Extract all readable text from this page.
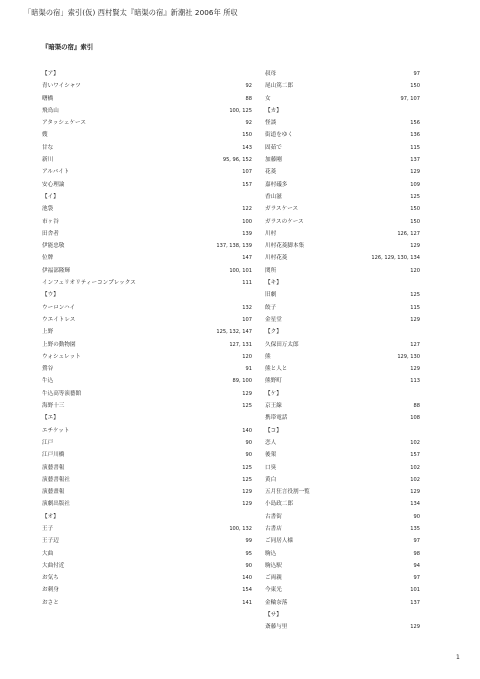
「暗渠の宿」索引(仮) 西村賢太『暗渠の宿』新潮社 2006年 所収
『暗渠の宿』索引
【ア】
青いワイシャツ	92
曙橋	88
飛鳥山	100, 125
アタッシェケース	92
嫂	150
甘な	143
新川	95, 96, 152
アルバイト	107
安心理論	157
【イ】
池袋	122
市ヶ谷	100
田舎者	139
伊能忠敬	137, 138, 139
位牌	147
伊福部隆輝	100, 101
インフェリオリティーコンプレックス	111
【ウ】
ウーロンハイ	132
ウエイトレス	107
上野	125, 132, 147
上野の動物園	127, 131
ウォシュレット	120
鶯谷	91
牛込	89, 100
牛込高等演藝館	129
海野十三	125
【エ】
エチケット	140
江戸	90
江戸川橋	90
演藝書報	125
演藝書報社	125
演藝畫報	129
演劇出版社	129
【オ】
王子	100, 132
王子辺	99
大曲	95
大曲付近	90
お気ち	140
お刺身	154
おさと	141
叔母	97
尾山篤二郎	150
女	97, 107
【カ】
怪談	156
街道をゆく	136
固茹で	115
加藤剛	137
花菱	129
嘉村礒多	109
香山滋	125
ガラスケース	150
ガラスのケース	150
川村	126, 127
川村花菱脚本集	129
川村花菱	126, 129, 130, 134
関所	120
【キ】
旧劇	125
餃子	115
金星堂	129
【ク】
久保田万太郎	127
熊	129, 130
熊と人と	129
熊野町	113
【ケ】
京王線	88
携帯電話	108
【コ】
恋人	102
後架	157
口臭	102
黄白	102
五月狂言役割一覧	129
小島政二郎	134
古書街	90
古書店	135
ご同居人様	97
駒込	98
駒込駅	94
ご両親	97
今東光	101
金輪奈落	137
【サ】
斎藤与里	129
1
